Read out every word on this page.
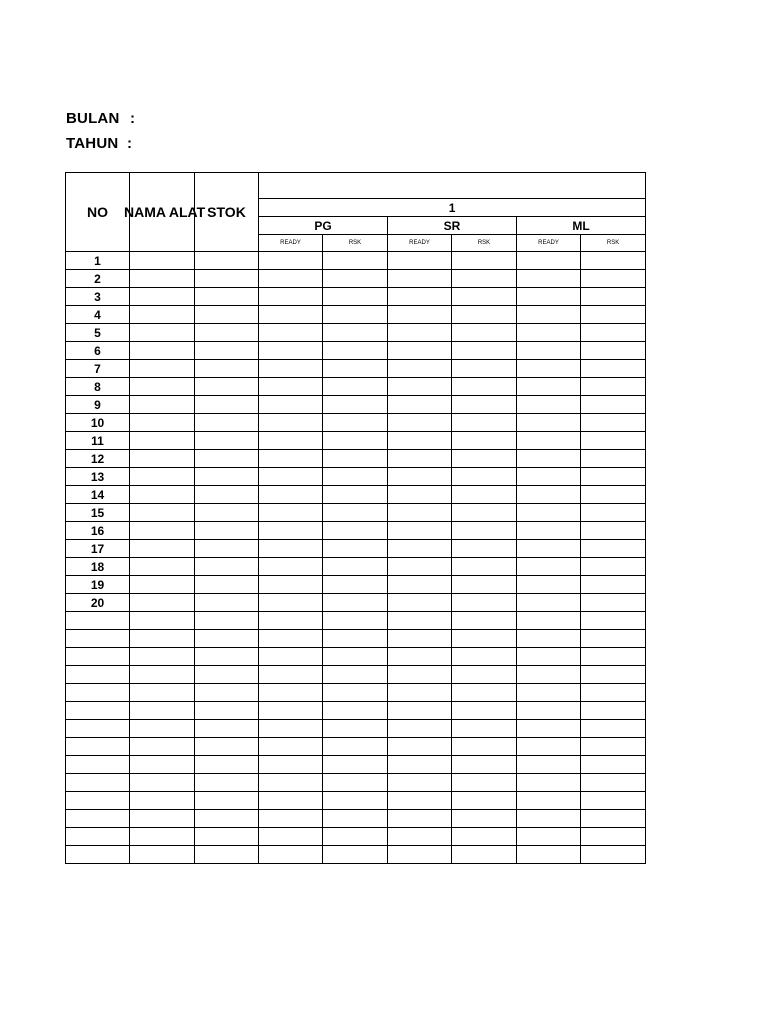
BULAN :
TAHUN :
NO	NAMA ALAT	STOK						
			1					
			PG		SR		ML	
			READY	RSK	READY	RSK	READY	RSK
1								
2								
3								
4								
5								
6								
7								
8								
9								
10								
11								
12								
13								
14								
15								
16								
17								
18								
19								
20								
